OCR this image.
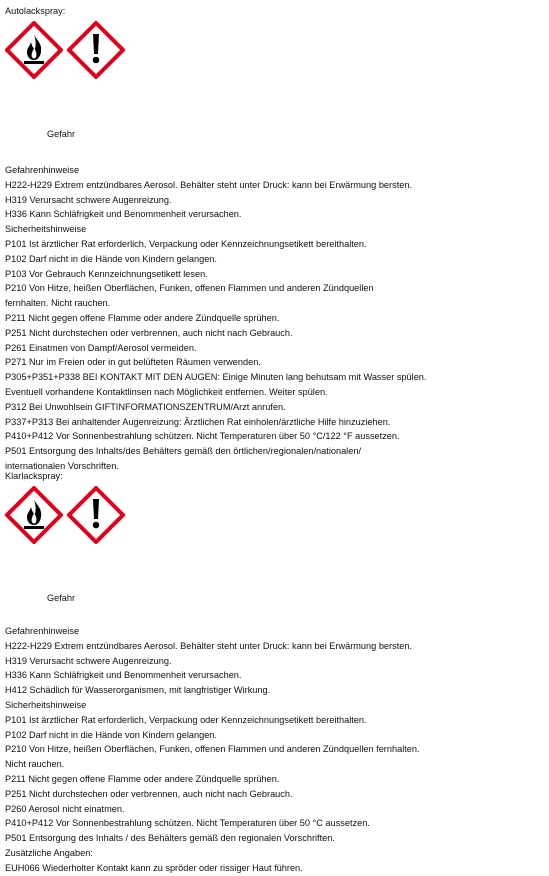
Autolackspray:
Gefahr
Gefahrenhinweise
H222-H229 Extrem entzündbares Aerosol. Behälter steht unter Druck: kann bei Erwärmung bersten.
H319 Verursacht schwere Augenreizung.
H336 Kann Schläfrigkeit und Benommenheit verursachen.
Sicherheitshinweise
P101 Ist ärztlicher Rat erforderlich, Verpackung oder Kennzeichnungsetikett bereithalten.
P102 Darf nicht in die Hände von Kindern gelangen.
P103 Vor Gebrauch Kennzeichnungsetikett lesen.
P210 Von Hitze, heißen Oberflächen, Funken, offenen Flammen und anderen Zündquellen
fernhalten. Nicht rauchen.
P211 Nicht gegen offene Flamme oder andere Zündquelle sprühen.
P251 Nicht durchstechen oder verbrennen, auch nicht nach Gebrauch.
P261 Einatmen von Dampf/Aerosol vermeiden.
P271 Nur im Freien oder in gut belüfteten Räumen verwenden.
P305+P351+P338 BEI KONTAKT MIT DEN AUGEN: Einige Minuten lang behutsam mit Wasser spülen.
Eventuell vorhandene Kontaktlinsen nach Möglichkeit entfernen. Weiter spülen.
P312 Bei Unwohlsein GIFTINFORMATIONSZENTRUM/Arzt anrufen.
P337+P313 Bei anhaltender Augenreizung: Ärztlichen Rat einholen/ärztliche Hilfe hinzuziehen.
P410+P412 Vor Sonnenbestrahlung schützen. Nicht Temperaturen über 50 °C/122 °F aussetzen.
P501 Entsorgung des Inhalts/des Behälters gemäß den örtlichen/regionalen/nationalen/
internationalen Vorschriften.
Klarlackspray:
Gefahr
Gefahrenhinweise
H222-H229 Extrem entzündbares Aerosol. Behälter steht unter Druck: kann bei Erwärmung bersten.
H319 Verursacht schwere Augenreizung.
H336 Kann Schläfrigkeit und Benommenheit verursachen.
H412 Schädlich für Wasserorganismen, mit langfristiger Wirkung.
Sicherheitshinweise
P101 Ist ärztlicher Rat erforderlich, Verpackung oder Kennzeichnungsetikett bereithalten.
P102 Darf nicht in die Hände von Kindern gelangen.
P210 Von Hitze, heißen Oberflächen, Funken, offenen Flammen und anderen Zündquellen fernhalten.
Nicht rauchen.
P211 Nicht gegen offene Flamme oder andere Zündquelle sprühen.
P251 Nicht durchstechen oder verbrennen, auch nicht nach Gebrauch.
P260 Aerosol nicht einatmen.
P410+P412 Vor Sonnenbestrahlung schützen. Nicht Temperaturen über 50 °C aussetzen.
P501 Entsorgung des Inhalts / des Behälters gemäß den regionalen Vorschriften.
Zusätzliche Angaben:
EUH066 Wiederholter Kontakt kann zu spröder oder rissiger Haut führen.
